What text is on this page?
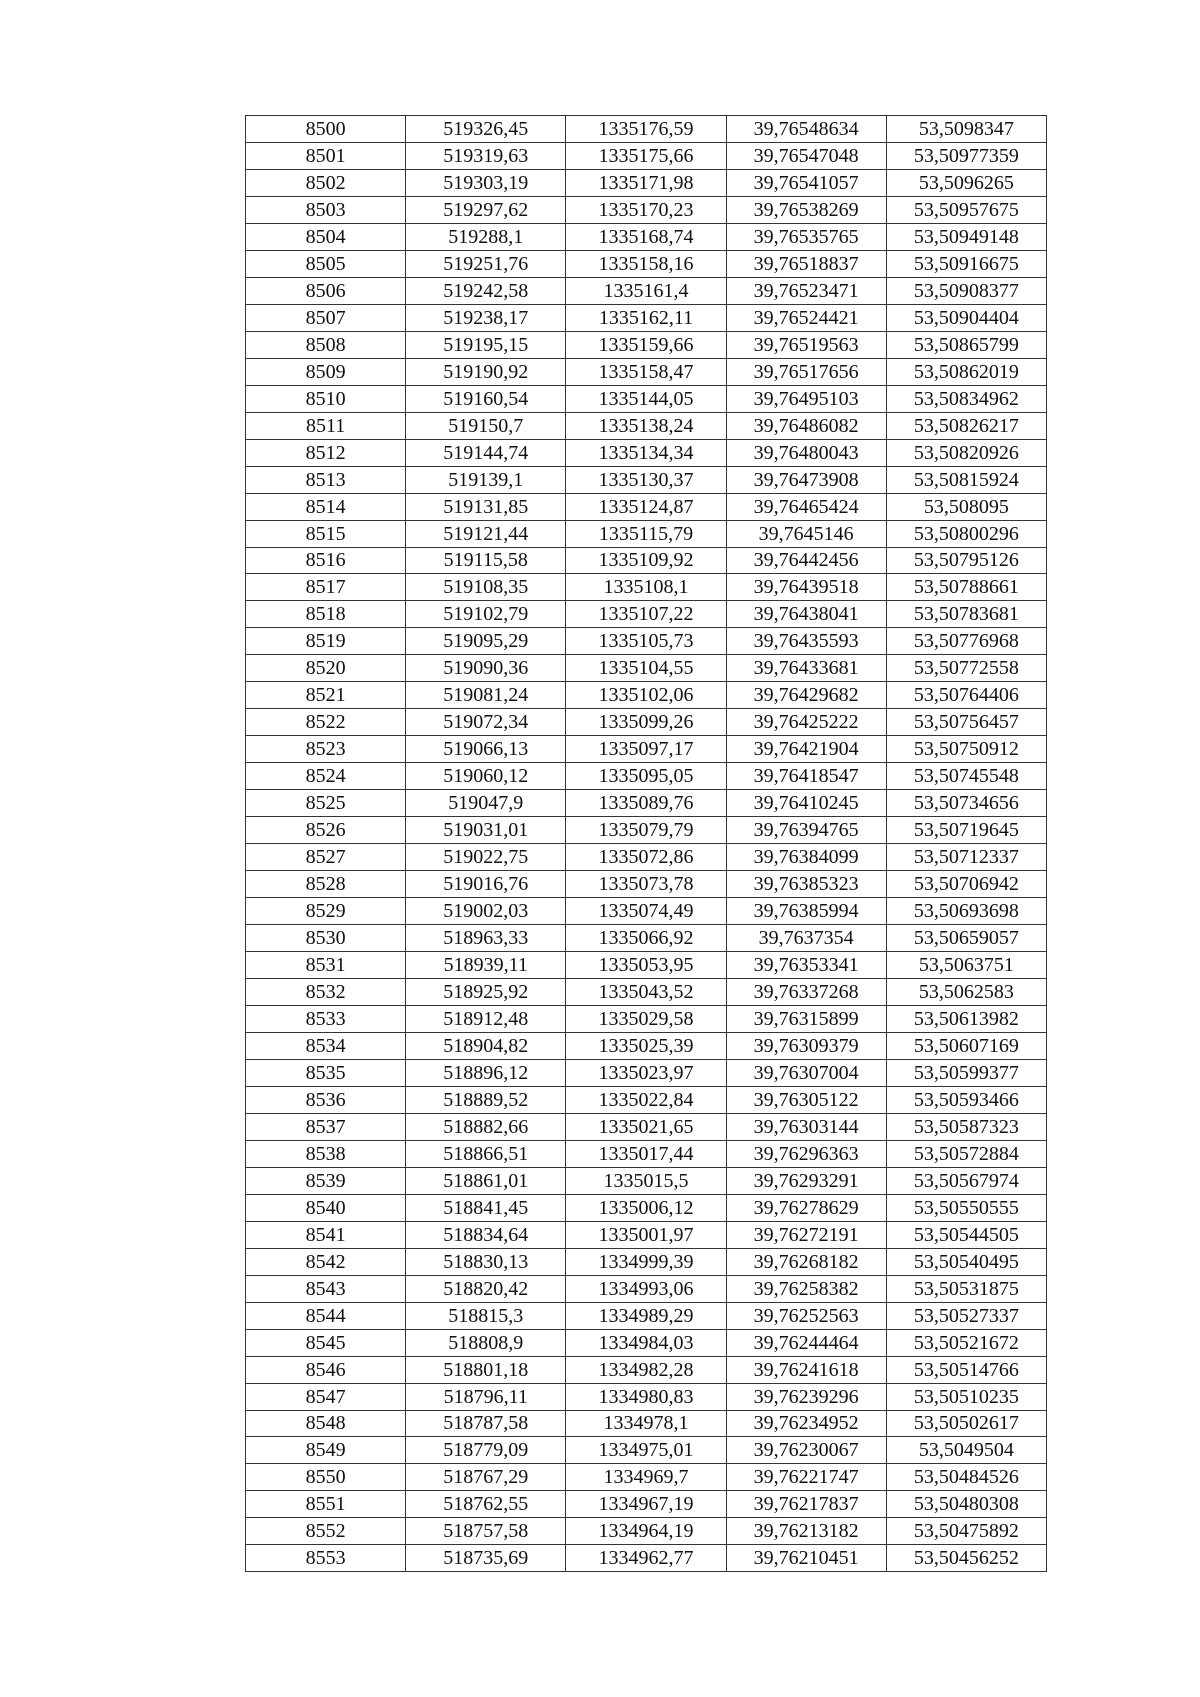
8500	519326,45	1335176,59	39,76548634	53,5098347
8501	519319,63	1335175,66	39,76547048	53,50977359
8502	519303,19	1335171,98	39,76541057	53,5096265
8503	519297,62	1335170,23	39,76538269	53,50957675
8504	519288,1	1335168,74	39,76535765	53,50949148
8505	519251,76	1335158,16	39,76518837	53,50916675
8506	519242,58	1335161,4	39,76523471	53,50908377
8507	519238,17	1335162,11	39,76524421	53,50904404
8508	519195,15	1335159,66	39,76519563	53,50865799
8509	519190,92	1335158,47	39,76517656	53,50862019
8510	519160,54	1335144,05	39,76495103	53,50834962
8511	519150,7	1335138,24	39,76486082	53,50826217
8512	519144,74	1335134,34	39,76480043	53,50820926
8513	519139,1	1335130,37	39,76473908	53,50815924
8514	519131,85	1335124,87	39,76465424	53,508095
8515	519121,44	1335115,79	39,7645146	53,50800296
8516	519115,58	1335109,92	39,76442456	53,50795126
8517	519108,35	1335108,1	39,76439518	53,50788661
8518	519102,79	1335107,22	39,76438041	53,50783681
8519	519095,29	1335105,73	39,76435593	53,50776968
8520	519090,36	1335104,55	39,76433681	53,50772558
8521	519081,24	1335102,06	39,76429682	53,50764406
8522	519072,34	1335099,26	39,76425222	53,50756457
8523	519066,13	1335097,17	39,76421904	53,50750912
8524	519060,12	1335095,05	39,76418547	53,50745548
8525	519047,9	1335089,76	39,76410245	53,50734656
8526	519031,01	1335079,79	39,76394765	53,50719645
8527	519022,75	1335072,86	39,76384099	53,50712337
8528	519016,76	1335073,78	39,76385323	53,50706942
8529	519002,03	1335074,49	39,76385994	53,50693698
8530	518963,33	1335066,92	39,7637354	53,50659057
8531	518939,11	1335053,95	39,76353341	53,5063751
8532	518925,92	1335043,52	39,76337268	53,5062583
8533	518912,48	1335029,58	39,76315899	53,50613982
8534	518904,82	1335025,39	39,76309379	53,50607169
8535	518896,12	1335023,97	39,76307004	53,50599377
8536	518889,52	1335022,84	39,76305122	53,50593466
8537	518882,66	1335021,65	39,76303144	53,50587323
8538	518866,51	1335017,44	39,76296363	53,50572884
8539	518861,01	1335015,5	39,76293291	53,50567974
8540	518841,45	1335006,12	39,76278629	53,50550555
8541	518834,64	1335001,97	39,76272191	53,50544505
8542	518830,13	1334999,39	39,76268182	53,50540495
8543	518820,42	1334993,06	39,76258382	53,50531875
8544	518815,3	1334989,29	39,76252563	53,50527337
8545	518808,9	1334984,03	39,76244464	53,50521672
8546	518801,18	1334982,28	39,76241618	53,50514766
8547	518796,11	1334980,83	39,76239296	53,50510235
8548	518787,58	1334978,1	39,76234952	53,50502617
8549	518779,09	1334975,01	39,76230067	53,5049504
8550	518767,29	1334969,7	39,76221747	53,50484526
8551	518762,55	1334967,19	39,76217837	53,50480308
8552	518757,58	1334964,19	39,76213182	53,50475892
8553	518735,69	1334962,77	39,76210451	53,50456252
